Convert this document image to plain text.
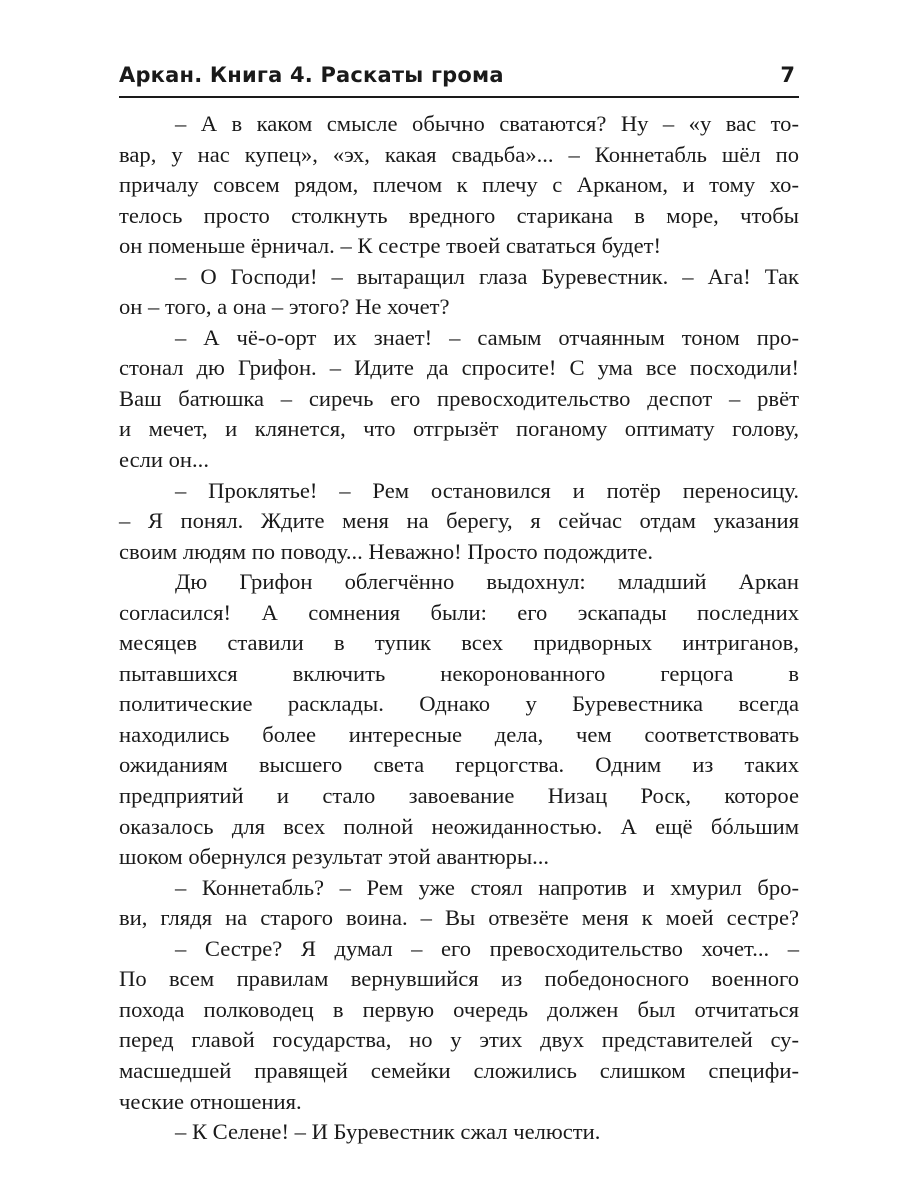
Аркан. Книга 4. Раскаты грома	7
– А в каком смысле обычно сватаются? Ну – «у вас то-
вар, у нас купец», «эх, какая свадьба»... – Коннетабль шёл по
причалу совсем рядом, плечом к плечу с Арканом, и тому хо-
телось просто столкнуть вредного старикана в море, чтобы
он поменьше ёрничал. – К сестре твоей свататься будет!
– О Господи! – вытаращил глаза Буревестник. – Ага! Так
он – того, а она – этого? Не хочет?
– А чё-о-орт их знает! – самым отчаянным тоном про-
стонал дю Грифон. – Идите да спросите! С ума все посходили!
Ваш батюшка – сиречь его превосходительство деспот – рвёт
и мечет, и клянется, что отгрызёт поганому оптимату голову,
если он...
– Проклятье! – Рем остановился и потёр переносицу.
– Я понял. Ждите меня на берегу, я сейчас отдам указания
своим людям по поводу... Неважно! Просто подождите.
Дю Грифон облегчённо выдохнул: младший Аркан
согласился! А сомнения были: его эскапады последних
месяцев ставили в тупик всех придворных интриганов,
пытавшихся включить некоронованного герцога в
политические расклады. Однако у Буревестника всегда
находились более интересные дела, чем соответствовать
ожиданиям высшего света герцогства. Одним из таких
предприятий и стало завоевание Низац Роск, которое
оказалось для всех полной неожиданностью. А ещё бóльшим
шоком обернулся результат этой авантюры...
– Коннетабль? – Рем уже стоял напротив и хмурил бро-
ви, глядя на старого воина. – Вы отвезёте меня к моей сестре?
– Сестре? Я думал – его превосходительство хочет... –
По всем правилам вернувшийся из победоносного военного
похода полководец в первую очередь должен был отчитаться
перед главой государства, но у этих двух представителей су-
масшедшей правящей семейки сложились слишком специфи-
ческие отношения.
– К Селене! – И Буревестник сжал челюсти.
